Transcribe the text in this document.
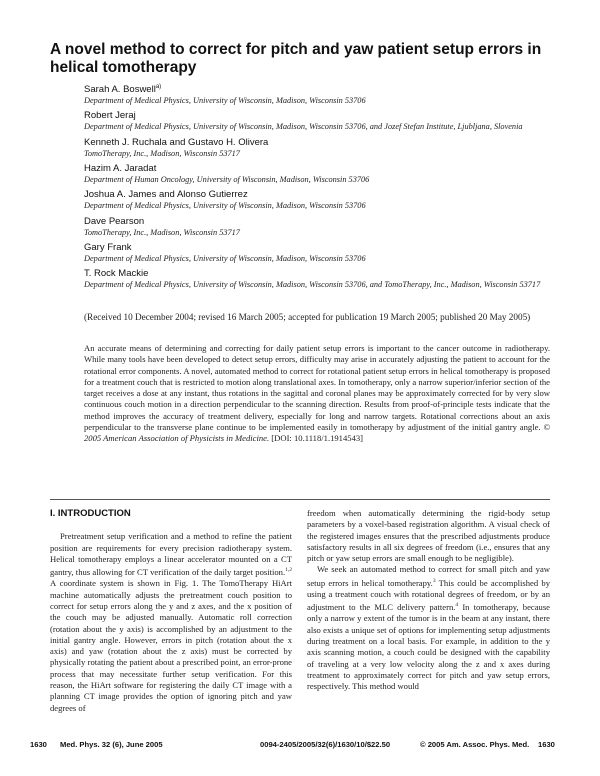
A novel method to correct for pitch and yaw patient setup errors in helical tomotherapy
Sarah A. Boswell$^{a)}$
Department of Medical Physics, University of Wisconsin, Madison, Wisconsin 53706
Robert Jeraj
Department of Medical Physics, University of Wisconsin, Madison, Wisconsin 53706, and Jozef Stefan Institute, Ljubljana, Slovenia
Kenneth J. Ruchala and Gustavo H. Olivera
TomoTherapy, Inc., Madison, Wisconsin 53717
Hazim A. Jaradat
Department of Human Oncology, University of Wisconsin, Madison, Wisconsin 53706
Joshua A. James and Alonso Gutierrez
Department of Medical Physics, University of Wisconsin, Madison, Wisconsin 53706
Dave Pearson
TomoTherapy, Inc., Madison, Wisconsin 53717
Gary Frank
Department of Medical Physics, University of Wisconsin, Madison, Wisconsin 53706
T. Rock Mackie
Department of Medical Physics, University of Wisconsin, Madison, Wisconsin 53706, and TomoTherapy, Inc., Madison, Wisconsin 53717
(Received 10 December 2004; revised 16 March 2005; accepted for publication 19 March 2005; published 20 May 2005)
An accurate means of determining and correcting for daily patient setup errors is important to the cancer outcome in radiotherapy. While many tools have been developed to detect setup errors, difficulty may arise in accurately adjusting the patient to account for the rotational error components. A novel, automated method to correct for rotational patient setup errors in helical tomotherapy is proposed for a treatment couch that is restricted to motion along translational axes. In tomotherapy, only a narrow superior/inferior section of the target receives a dose at any instant, thus rotations in the sagittal and coronal planes may be approximately corrected for by very slow continuous couch motion in a direction perpendicular to the scanning direction. Results from proof-of-principle tests indicate that the method improves the accuracy of treatment delivery, especially for long and narrow targets. Rotational corrections about an axis perpendicular to the transverse plane continue to be implemented easily in tomotherapy by adjustment of the initial gantry angle. © 2005 American Association of Physicists in Medicine. [DOI: 10.1118/1.1914543]
I. INTRODUCTION

Pretreatment setup verification and a method to refine the patient position are requirements for every precision radiotherapy system. Helical tomotherapy employs a linear accelerator mounted on a CT gantry, thus allowing for CT verification of the daily target position.$^{1,2}$ A coordinate system is shown in Fig. 1. The TomoTherapy HiArt machine automatically adjusts the pretreatment couch position to correct for setup errors along the y and z axes, and the x position of the couch may be adjusted manually. Automatic roll correction (rotation about the y axis) is accomplished by an adjustment to the initial gantry angle. However, errors in pitch (rotation about the x axis) and yaw (rotation about the z axis) must be corrected by physically rotating the patient about a prescribed point, an error-prone process that may necessitate further setup verification. For this reason, the HiArt software for registering the daily CT image with a planning CT image provides the option of ignoring pitch and yaw degrees of

freedom when automatically determining the rigid-body setup parameters by a voxel-based registration algorithm. A visual check of the registered images ensures that the prescribed adjustments produce satisfactory results in all six degrees of freedom (i.e., ensures that any pitch or yaw setup errors are small enough to be negligible).

We seek an automated method to correct for small pitch and yaw setup errors in helical tomotherapy.$^3$ This could be accomplished by using a treatment couch with rotational degrees of freedom, or by an adjustment to the MLC delivery pattern.$^4$ In tomotherapy, because only a narrow y extent of the tumor is in the beam at any instant, there also exists a unique set of options for implementing setup adjustments during treatment on a local basis. For example, in addition to the y axis scanning motion, a couch could be designed with the capability of traveling at a very low velocity along the z and x axes during treatment to approximately correct for pitch and yaw setup errors, respectively. This method would

1630 Med. Phys. 32 (6), June 2005	0094-2405/2005/32(6)/1630/10/$22.50	© 2005 Am. Assoc. Phys. Med. 1630
